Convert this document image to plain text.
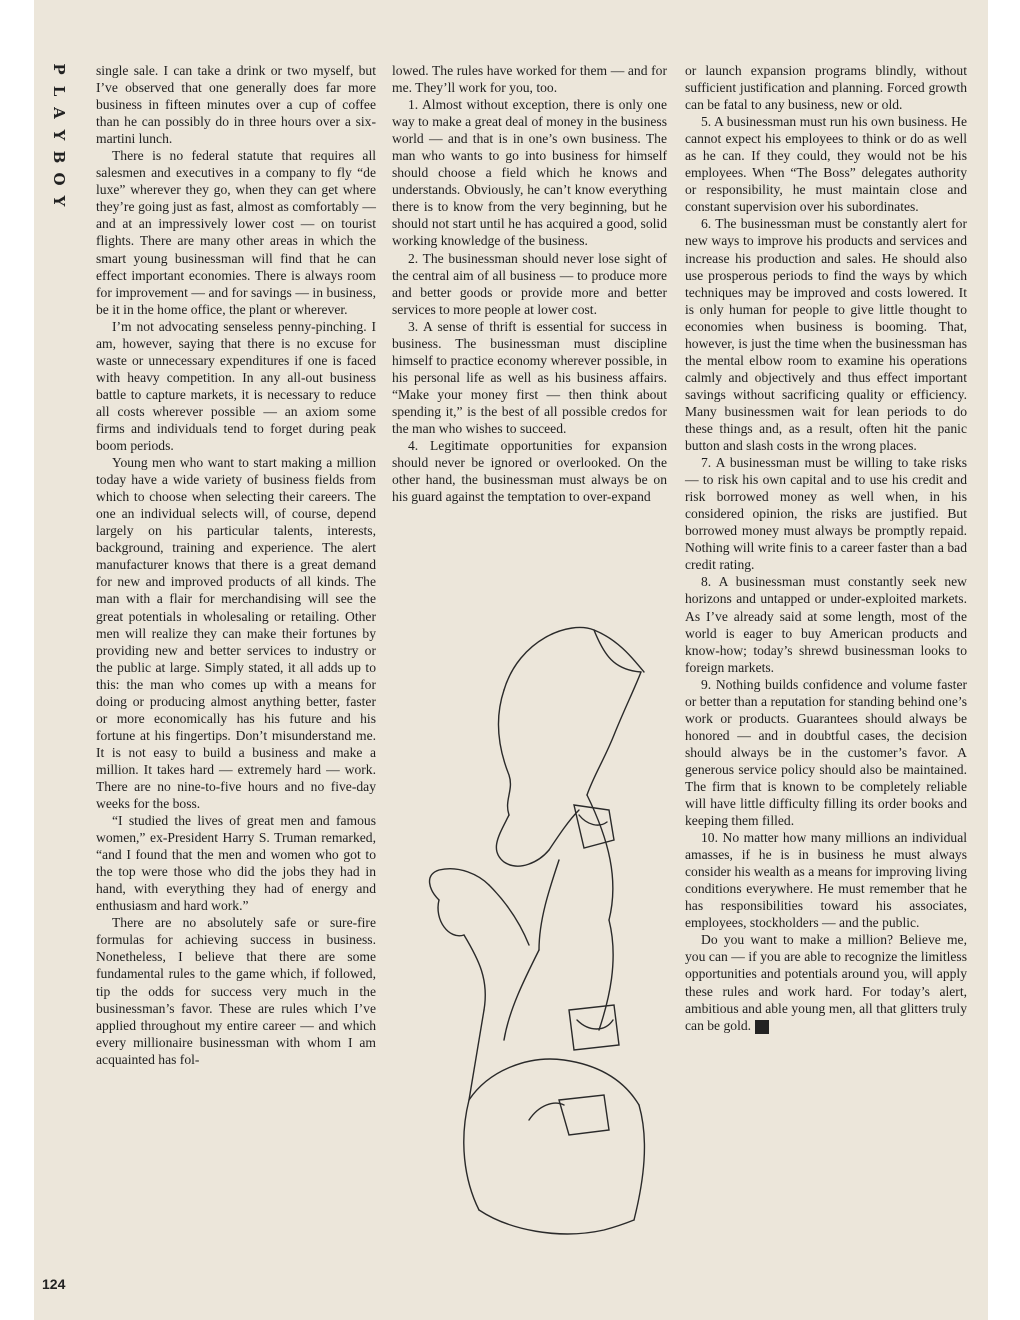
P
L
A
Y
B
O
Y

single sale. I can take a drink or two myself, but I’ve observed that one generally does far more business in fifteen minutes over a cup of coffee than he can possibly do in three hours over a six-martini lunch.

There is no federal statute that requires all salesmen and executives in a company to fly “de luxe” wherever they go, when they can get where they’re going just as fast, almost as comfortably — and at an impressively lower cost — on tourist flights. There are many other areas in which the smart young businessman will find that he can effect important economies. There is always room for improvement — and for savings — in business, be it in the home office, the plant or wherever.

I’m not advocating senseless penny-pinching. I am, however, saying that there is no excuse for waste or unnecessary expenditures if one is faced with heavy competition. In any all-out business battle to capture markets, it is necessary to reduce all costs wherever possible — an axiom some firms and individuals tend to forget during peak boom periods.

Young men who want to start making a million today have a wide variety of business fields from which to choose when selecting their careers. The one an individual selects will, of course, depend largely on his particular talents, interests, background, training and experience. The alert manufacturer knows that there is a great demand for new and improved products of all kinds. The man with a flair for merchandising will see the great potentials in wholesaling or retailing. Other men will realize they can make their fortunes by providing new and better services to industry or the public at large. Simply stated, it all adds up to this: the man who comes up with a means for doing or producing almost anything better, faster or more economically has his future and his fortune at his fingertips. Don’t misunderstand me. It is not easy to build a business and make a million. It takes hard — extremely hard — work. There are no nine-to-five hours and no five-day weeks for the boss.

“I studied the lives of great men and famous women,” ex-President Harry S. Truman remarked, “and I found that the men and women who got to the top were those who did the jobs they had in hand, with everything they had of energy and enthusiasm and hard work.”

There are no absolutely safe or sure-fire formulas for achieving success in business. Nonetheless, I believe that there are some fundamental rules to the game which, if followed, tip the odds for success very much in the businessman’s favor. These are rules which I’ve applied throughout my entire career — and which every millionaire businessman with whom I am acquainted has fol-

lowed. The rules have worked for them — and for me. They’ll work for you, too.

1. Almost without exception, there is only one way to make a great deal of money in the business world — and that is in one’s own business. The man who wants to go into business for himself should choose a field which he knows and understands. Obviously, he can’t know everything there is to know from the very beginning, but he should not start until he has acquired a good, solid working knowledge of the business.

2. The businessman should never lose sight of the central aim of all business — to produce more and better goods or provide more and better services to more people at lower cost.

3. A sense of thrift is essential for success in business. The businessman must discipline himself to practice economy wherever possible, in his personal life as well as his business affairs. “Make your money first — then think about spending it,” is the best of all possible credos for the man who wishes to succeed.

4. Legitimate opportunities for expansion should never be ignored or overlooked. On the other hand, the businessman must always be on his guard against the temptation to over-expand

or launch expansion programs blindly, without sufficient justification and planning. Forced growth can be fatal to any business, new or old.

5. A businessman must run his own business. He cannot expect his employees to think or do as well as he can. If they could, they would not be his employees. When “The Boss” delegates authority or responsibility, he must maintain close and constant supervision over his subordinates.

6. The businessman must be constantly alert for new ways to improve his products and services and increase his production and sales. He should also use prosperous periods to find the ways by which techniques may be improved and costs lowered. It is only human for people to give little thought to economies when business is booming. That, however, is just the time when the businessman has the mental elbow room to examine his operations calmly and objectively and thus effect important savings without sacrificing quality or efficiency. Many businessmen wait for lean periods to do these things and, as a result, often hit the panic button and slash costs in the wrong places.

7. A businessman must be willing to take risks — to risk his own capital and to use his credit and risk borrowed money as well when, in his considered opinion, the risks are justified. But borrowed money must always be promptly repaid. Nothing will write finis to a career faster than a bad credit rating.

8. A businessman must constantly seek new horizons and untapped or under-exploited markets. As I’ve already said at some length, most of the world is eager to buy American products and know-how; today’s shrewd businessman looks to foreign markets.

9. Nothing builds confidence and volume faster or better than a reputation for standing behind one’s work or products. Guarantees should always be honored — and in doubtful cases, the decision should always be in the customer’s favor. A generous service policy should also be maintained. The firm that is known to be completely reliable will have little difficulty filling its order books and keeping them filled.

10. No matter how many millions an individual amasses, if he is in business he must always consider his wealth as a means for improving living conditions everywhere. He must remember that he has responsibilities toward his associates, employees, stockholders — and the public.

Do you want to make a million? Believe me, you can — if you are able to recognize the limitless opportunities and potentials around you, will apply these rules and work hard. For today’s alert, ambitious and able young men, all that glitters truly can be gold. ◆

124
